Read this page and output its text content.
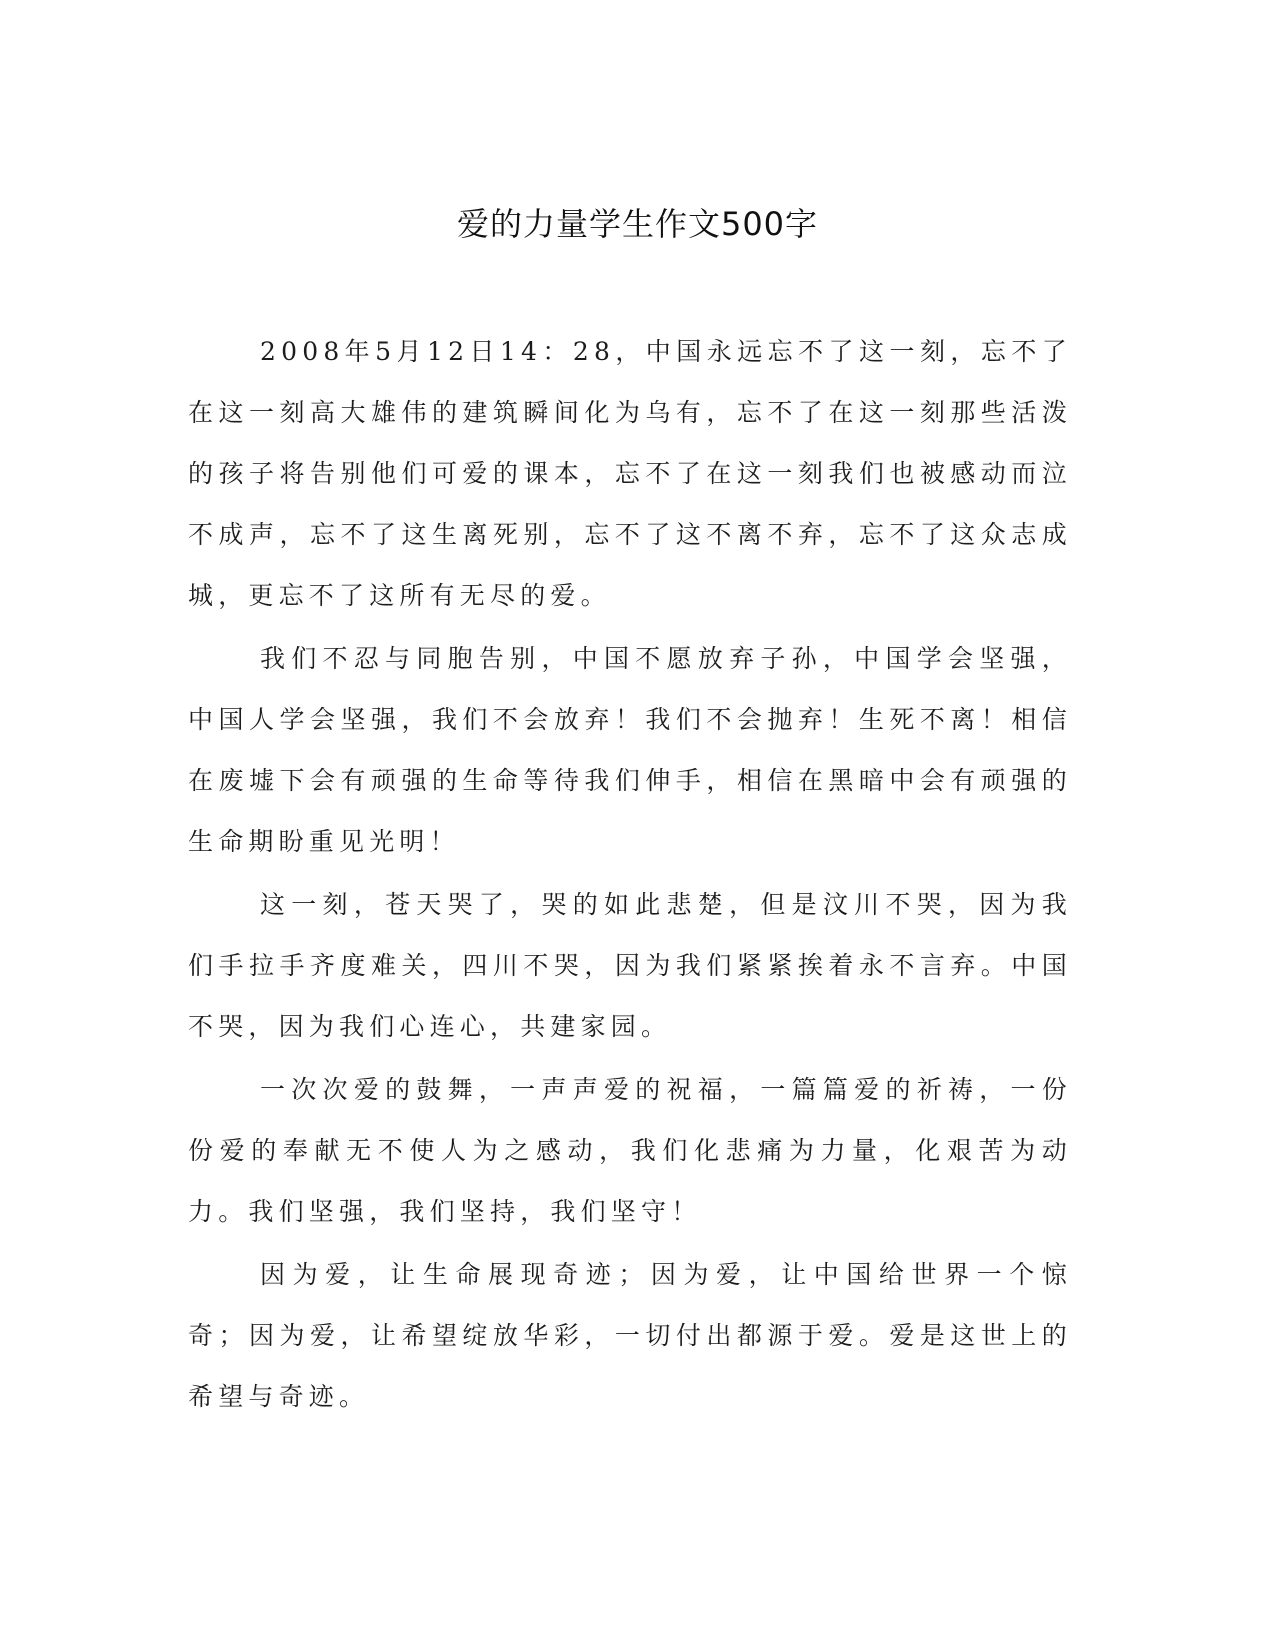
爱的力量学生作文500字

2008年5月12日14：28，中国永远忘不了这一刻，忘不了在这一刻高大雄伟的建筑瞬间化为乌有，忘不了在这一刻那些活泼的孩子将告别他们可爱的课本，忘不了在这一刻我们也被感动而泣不成声，忘不了这生离死别，忘不了这不离不弃，忘不了这众志成城，更忘不了这所有无尽的爱。

我们不忍与同胞告别，中国不愿放弃子孙，中国学会坚强，中国人学会坚强，我们不会放弃！我们不会抛弃！生死不离！相信在废墟下会有顽强的生命等待我们伸手，相信在黑暗中会有顽强的生命期盼重见光明！

这一刻，苍天哭了，哭的如此悲楚，但是汶川不哭，因为我们手拉手齐度难关，四川不哭，因为我们紧紧挨着永不言弃。中国不哭，因为我们心连心，共建家园。

一次次爱的鼓舞，一声声爱的祝福，一篇篇爱的祈祷，一份份爱的奉献无不使人为之感动，我们化悲痛为力量，化艰苦为动力。我们坚强，我们坚持，我们坚守！

因为爱，让生命展现奇迹；因为爱，让中国给世界一个惊奇；因为爱，让希望绽放华彩，一切付出都源于爱。爱是这世上的希望与奇迹。
